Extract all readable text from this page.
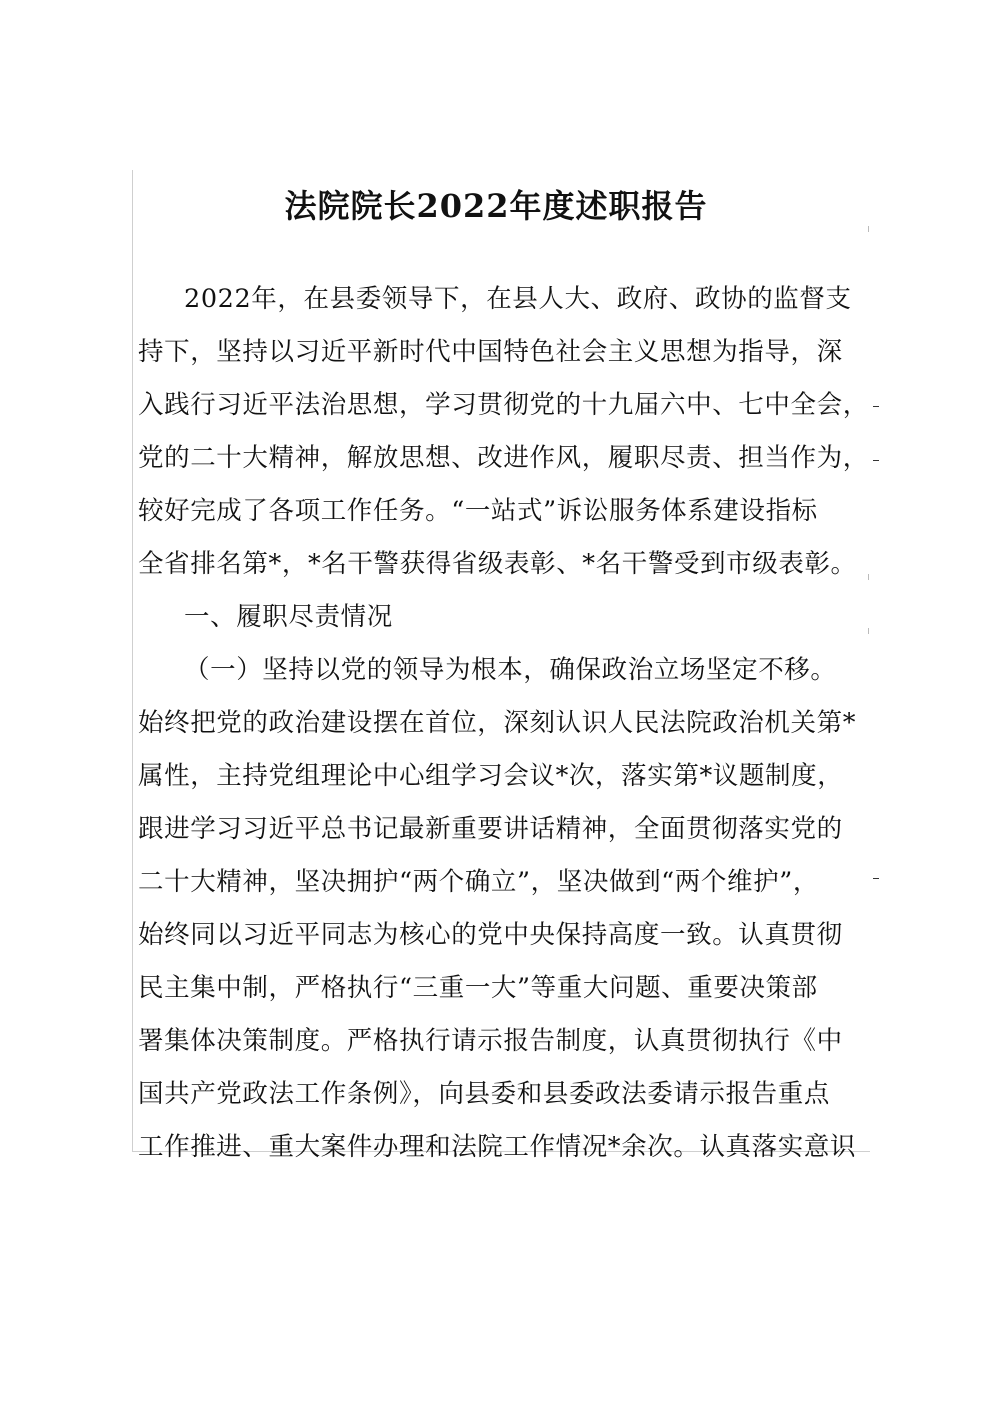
法院院长2022年度述职报告
2022年，在县委领导下，在县人大、政府、政协的监督支
持下，坚持以习近平新时代中国特色社会主义思想为指导，深
入践行习近平法治思想，学习贯彻党的十九届六中、七中全会，
党的二十大精神，解放思想、改进作风，履职尽责、担当作为，
较好完成了各项工作任务。“一站式”诉讼服务体系建设指标
全省排名第*，*名干警获得省级表彰、*名干警受到市级表彰。
一、履职尽责情况
（一）坚持以党的领导为根本，确保政治立场坚定不移。
始终把党的政治建设摆在首位，深刻认识人民法院政治机关第*
属性，主持党组理论中心组学习会议*次，落实第*议题制度，
跟进学习习近平总书记最新重要讲话精神，全面贯彻落实党的
二十大精神，坚决拥护“两个确立”，坚决做到“两个维护”，
始终同以习近平同志为核心的党中央保持高度一致。认真贯彻
民主集中制，严格执行“三重一大”等重大问题、重要决策部
署集体决策制度。严格执行请示报告制度，认真贯彻执行《中
国共产党政法工作条例》，向县委和县委政法委请示报告重点
工作推进、重大案件办理和法院工作情况*余次。认真落实意识
